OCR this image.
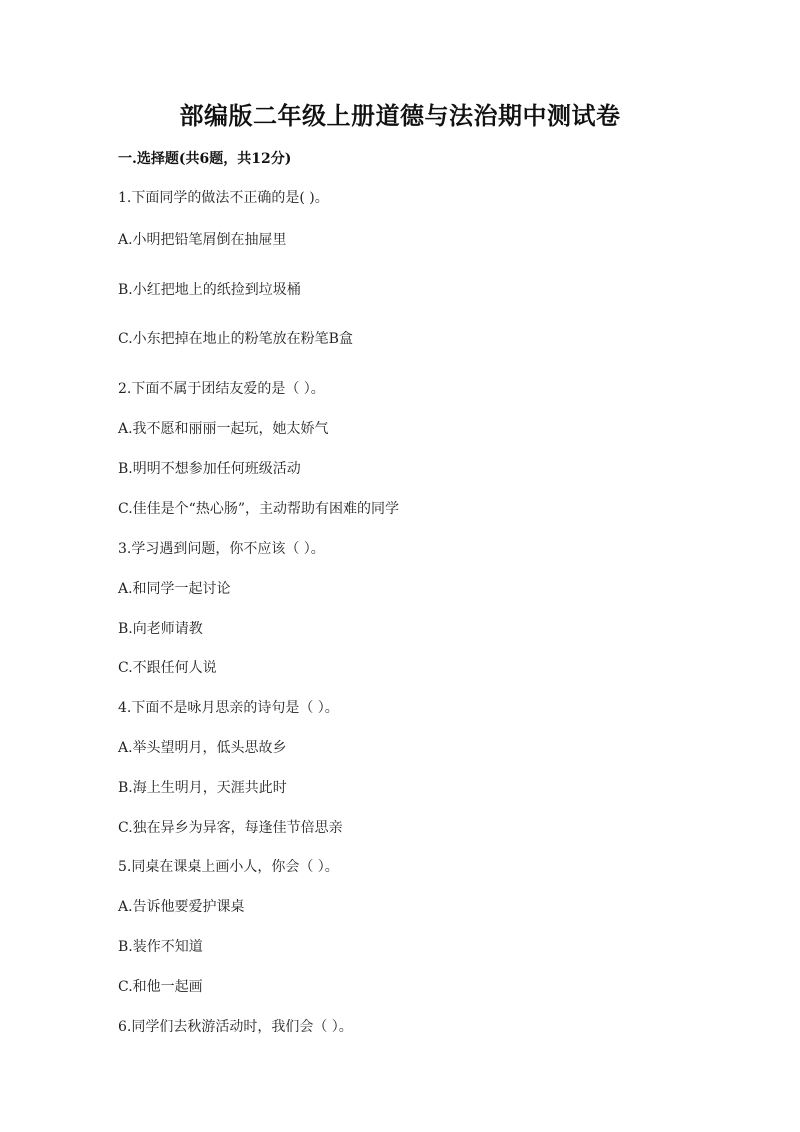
部编版二年级上册道德与法治期中测试卷
一.选择题(共6题，共12分)
1.下面同学的做法不正确的是( )。
A.小明把铅笔屑倒在抽屉里
B.小红把地上的纸捡到垃圾桶
C.小东把掉在地止的粉笔放在粉笔B盒
2.下面不属于团结友爱的是（ ）。
A.我不愿和丽丽一起玩，她太娇气
B.明明不想参加任何班级活动
C.佳佳是个“热心肠”，主动帮助有困难的同学
3.学习遇到问题，你不应该（ ）。
A.和同学一起讨论
B.向老师请教
C.不跟任何人说
4.下面不是咏月思亲的诗句是（ ）。
A.举头望明月，低头思故乡
B.海上生明月，天涯共此时
C.独在异乡为异客，每逢佳节倍思亲
5.同桌在课桌上画小人，你会（ ）。
A.告诉他要爱护课桌
B.装作不知道
C.和他一起画
6.同学们去秋游活动时，我们会（ ）。
